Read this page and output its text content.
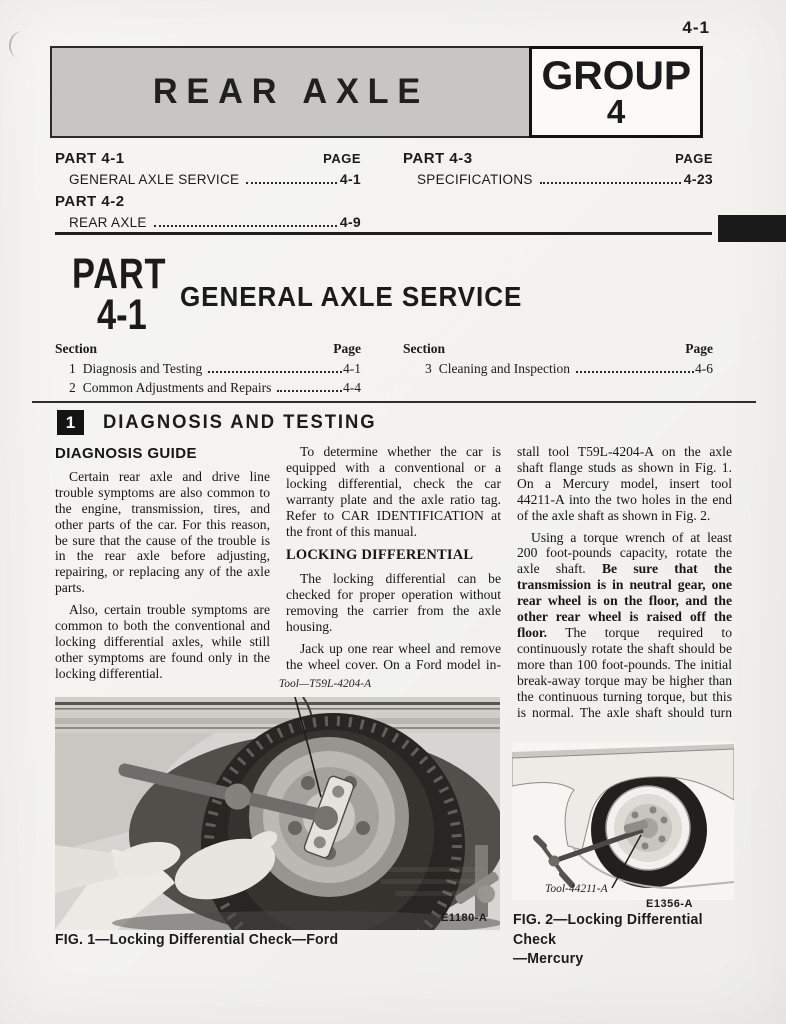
4-1
REAR AXLE	GROUP
4
PART 4-1	PAGE
GENERAL AXLE SERVICE	4-1
PART 4-2
REAR AXLE	4-9
PART 4-3	PAGE
SPECIFICATIONS	4-23
PART
4-1 GENERAL AXLE SERVICE
Section	Page
1 Diagnosis and Testing	4-1
2 Common Adjustments and Repairs	4-4
Section	Page
3 Cleaning and Inspection	4-6
1	DIAGNOSIS AND TESTING
DIAGNOSIS GUIDE

Certain rear axle and drive line trouble symptoms are also common to the engine, transmission, tires, and other parts of the car. For this reason, be sure that the cause of the trouble is in the rear axle before adjusting, repairing, or replacing any of the axle parts.

Also, certain trouble symptoms are common to both the conventional and locking differential axles, while still other symptoms are found only in the locking differential.

To determine whether the car is equipped with a conventional or a locking differential, check the car warranty plate and the axle ratio tag. Refer to CAR IDENTIFICATION at the front of this manual.

LOCKING DIFFERENTIAL

The locking differential can be checked for proper operation without removing the carrier from the axle housing.

Jack up one rear wheel and remove the wheel cover. On a Ford model in-

stall tool T59L-4204-A on the axle shaft flange studs as shown in Fig. 1. On a Mercury model, insert tool 44211-A into the two holes in the end of the axle shaft as shown in Fig. 2.

Using a torque wrench of at least 200 foot-pounds capacity, rotate the axle shaft. Be sure that the transmission is in neutral gear, one rear wheel is on the floor, and the other rear wheel is raised off the floor. The torque required to continuously rotate the shaft should be more than 100 foot-pounds. The initial break-away torque may be higher than the continuous turning torque, but this is normal. The axle shaft should turn

Tool—T59L-4204-A
E1180-A
FIG. 1—Locking Differential Check—Ford
Tool-44211-A
E1356-A
FIG. 2—Locking Differential Check
—Mercury
